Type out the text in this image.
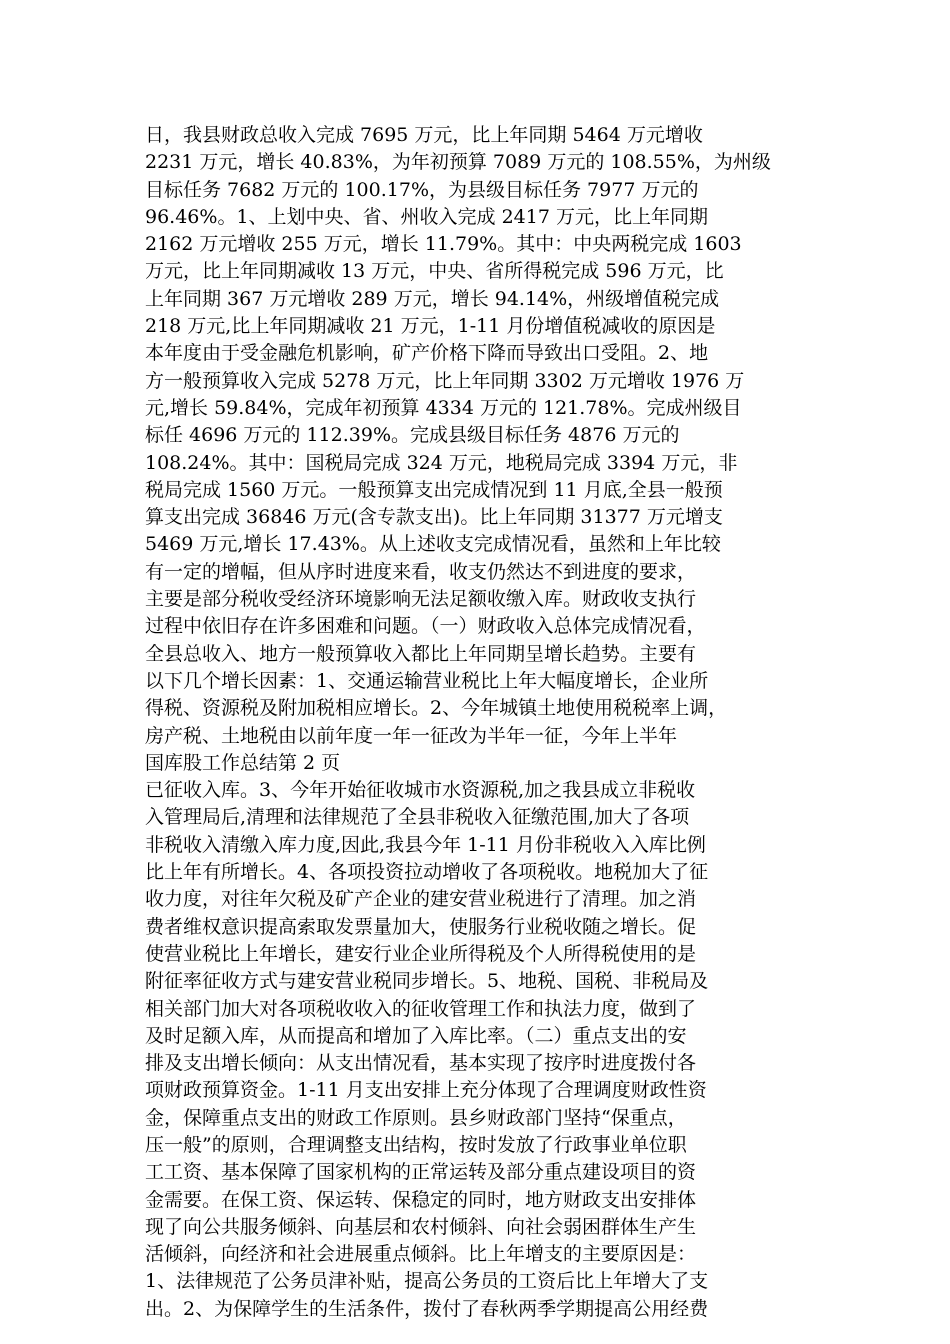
日，我县财政总收入完成 7695 万元，比上年同期 5464 万元增收
2231 万元，增长 40.83%，为年初预算 7089 万元的 108.55%，为州级
目标任务 7682 万元的 100.17%，为县级目标任务 7977 万元的
96.46%。1、上划中央、省、州收入完成 2417 万元，比上年同期
2162 万元增收 255 万元，增长 11.79%。其中：中央两税完成 1603
万元，比上年同期减收 13 万元，中央、省所得税完成 596 万元，比
上年同期 367 万元增收 289 万元，增长 94.14%，州级增值税完成
218 万元,比上年同期减收 21 万元，1-11 月份增值税减收的原因是
本年度由于受金融危机影响，矿产价格下降而导致出口受阻。2、地
方一般预算收入完成 5278 万元，比上年同期 3302 万元增收 1976 万
元,增长 59.84%，完成年初预算 4334 万元的 121.78%。完成州级目
标任 4696 万元的 112.39%。完成县级目标任务 4876 万元的
108.24%。其中：国税局完成 324 万元，地税局完成 3394 万元，非
税局完成 1560 万元。一般预算支出完成情况到 11 月底,全县一般预
算支出完成 36846 万元(含专款支出)。比上年同期 31377 万元增支
5469 万元,增长 17.43%。从上述收支完成情况看，虽然和上年比较
有一定的增幅，但从序时进度来看，收支仍然达不到进度的要求，
主要是部分税收受经济环境影响无法足额收缴入库。财政收支执行
过程中依旧存在许多困难和问题。（一）财政收入总体完成情况看，
全县总收入、地方一般预算收入都比上年同期呈增长趋势。主要有
以下几个增长因素：1、交通运输营业税比上年大幅度增长，企业所
得税、资源税及附加税相应增长。2、今年城镇土地使用税税率上调，
房产税、土地税由以前年度一年一征改为半年一征，今年上半年
国库股工作总结第 2 页
已征收入库。3、今年开始征收城市水资源税,加之我县成立非税收
入管理局后,清理和法律规范了全县非税收入征缴范围,加大了各项
非税收入清缴入库力度,因此,我县今年 1-11 月份非税收入入库比例
比上年有所增长。4、各项投资拉动增收了各项税收。地税加大了征
收力度，对往年欠税及矿产企业的建安营业税进行了清理。加之消
费者维权意识提高索取发票量加大，使服务行业税收随之增长。促
使营业税比上年增长，建安行业企业所得税及个人所得税使用的是
附征率征收方式与建安营业税同步增长。5、地税、国税、非税局及
相关部门加大对各项税收收入的征收管理工作和执法力度，做到了
及时足额入库，从而提高和增加了入库比率。（二）重点支出的安
排及支出增长倾向：从支出情况看，基本实现了按序时进度拨付各
项财政预算资金。1-11 月支出安排上充分体现了合理调度财政性资
金，保障重点支出的财政工作原则。县乡财政部门坚持“保重点，
压一般”的原则，合理调整支出结构，按时发放了行政事业单位职
工工资、基本保障了国家机构的正常运转及部分重点建设项目的资
金需要。在保工资、保运转、保稳定的同时，地方财政支出安排体
现了向公共服务倾斜、向基层和农村倾斜、向社会弱困群体生产生
活倾斜，向经济和社会进展重点倾斜。比上年增支的主要原因是：
1、法律规范了公务员津补贴，提高公务员的工资后比上年增大了支
出。2、为保障学生的生活条件，拨付了春秋两季学期提高公用经费
